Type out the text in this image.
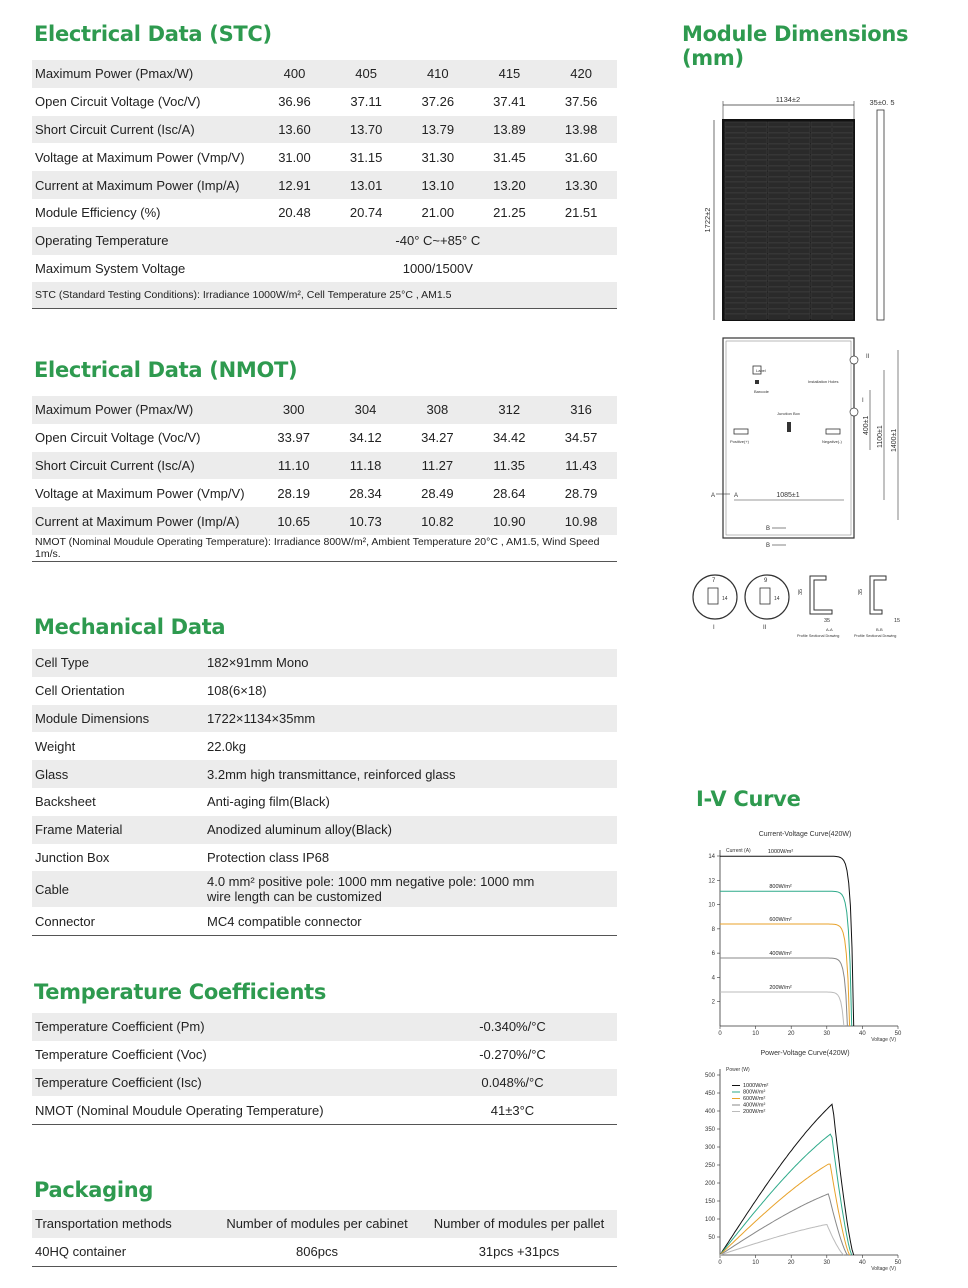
Electrical Data (STC)
Maximum Power (Pmax/W)	400	405	410	415	420
Open Circuit Voltage (Voc/V)	36.96	37.11	37.26	37.41	37.56
Short Circuit Current (Isc/A)	13.60	13.70	13.79	13.89	13.98
Voltage at Maximum Power (Vmp/V)	31.00	31.15	31.30	31.45	31.60
Current at Maximum Power (Imp/A)	12.91	13.01	13.10	13.20	13.30
Module Efficiency (%)	20.48	20.74	21.00	21.25	21.51
Operating Temperature	-40° C~+85° C				
Maximum System Voltage	1000/1500V				
STC (Standard Testing Conditions): Irradiance 1000W/m², Cell Temperature 25°C , AM1.5					
Electrical Data (NMOT)
Maximum Power (Pmax/W)	300	304	308	312	316
Open Circuit Voltage (Voc/V)	33.97	34.12	34.27	34.42	34.57
Short Circuit Current (Isc/A)	11.10	11.18	11.27	11.35	11.43
Voltage at Maximum Power (Vmp/V)	28.19	28.34	28.49	28.64	28.79
Current at Maximum Power (Imp/A)	10.65	10.73	10.82	10.90	10.98
NMOT (Nominal Moudule Operating Temperature): Irradiance 800W/m², Ambient Temperature 20°C , AM1.5, Wind Speed 1m/s.					
Mechanical Data
Cell Type	182×91mm Mono
Cell Orientation	108(6×18)
Module Dimensions	1722×1134×35mm
Weight	22.0kg
Glass	3.2mm high transmittance, reinforced glass
Backsheet	Anti-aging film(Black)
Frame Material	Anodized aluminum alloy(Black)
Junction Box	Protection class IP68
Cable	4.0 mm² positive pole: 1000 mm negative pole: 1000 mm
wire length can be customized

Connector	MC4 compatible connector
Temperature Coefficients
Temperature Coefficient (Pm)	-0.340%/°C
Temperature Coefficient (Voc)	-0.270%/°C
Temperature Coefficient (Isc)	0.048%/°C
NMOT (Nominal Moudule Operating Temperature)	41±3°C
Packaging
Transportation methods	Number of modules per cabinet	Number of modules per pallet
40HQ container	806pcs	31pcs +31pcs
Module Dimensions (mm)
1134±2
1722±2
35±0. 5
Label
Barcode
Installation Holes
Junction Box
Positive(+)	Negative(-)
II
I
1085±1
400±1 1100±1 1400±1
A	A
B
B
7
14
I
9
14
II
35
35
A-A
Profile Sectional Drawing
35
15
B-B
Profile Sectional Drawing
I-V Curve
Current-Voltage Curve(420W)
0	10	20	30	40	50
2
4
6
8
10
12
14
Voltage (V)
Current (A)	1000W/m²
800W/m²
600W/m²
400W/m²
200W/m²
Power-Voltage Curve(420W)
0	10	20	30	40	50
50
100
150
200
250
300
350
400
450
500
Voltage (V)
Power (W)
1000W/m²
800W/m²
600W/m²
400W/m²
200W/m²
